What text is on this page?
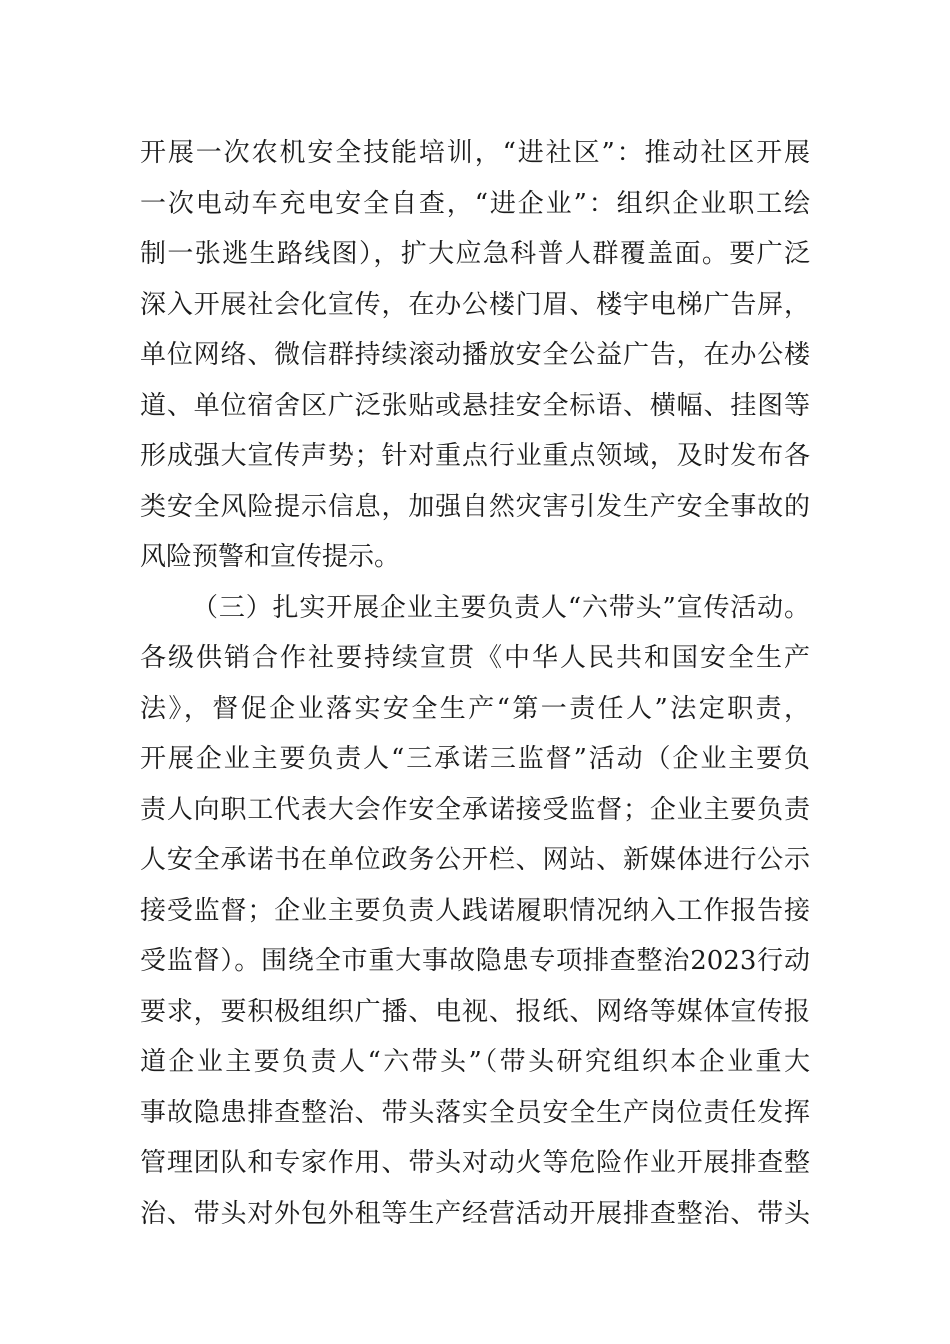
开展一次农机安全技能培训，“进社区”：推动社区开展
一次电动车充电安全自查，“进企业”：组织企业职工绘
制一张逃生路线图），扩大应急科普人群覆盖面。要广泛
深入开展社会化宣传，在办公楼门眉、楼宇电梯广告屏，
单位网络、微信群持续滚动播放安全公益广告，在办公楼
道、单位宿舍区广泛张贴或悬挂安全标语、横幅、挂图等
形成强大宣传声势；针对重点行业重点领域，及时发布各
类安全风险提示信息，加强自然灾害引发生产安全事故的
风险预警和宣传提示。
（三）扎实开展企业主要负责人“六带头”宣传活动。
各级供销合作社要持续宣贯《中华人民共和国安全生产
法》，督促企业落实安全生产“第一责任人”法定职责，
开展企业主要负责人“三承诺三监督”活动（企业主要负
责人向职工代表大会作安全承诺接受监督；企业主要负责
人安全承诺书在单位政务公开栏、网站、新媒体进行公示
接受监督；企业主要负责人践诺履职情况纳入工作报告接
受监督）。围绕全市重大事故隐患专项排查整治2023行动
要求，要积极组织广播、电视、报纸、网络等媒体宣传报
道企业主要负责人“六带头”（带头研究组织本企业重大
事故隐患排查整治、带头落实全员安全生产岗位责任发挥
管理团队和专家作用、带头对动火等危险作业开展排查整
治、带头对外包外租等生产经营活动开展排查整治、带头
